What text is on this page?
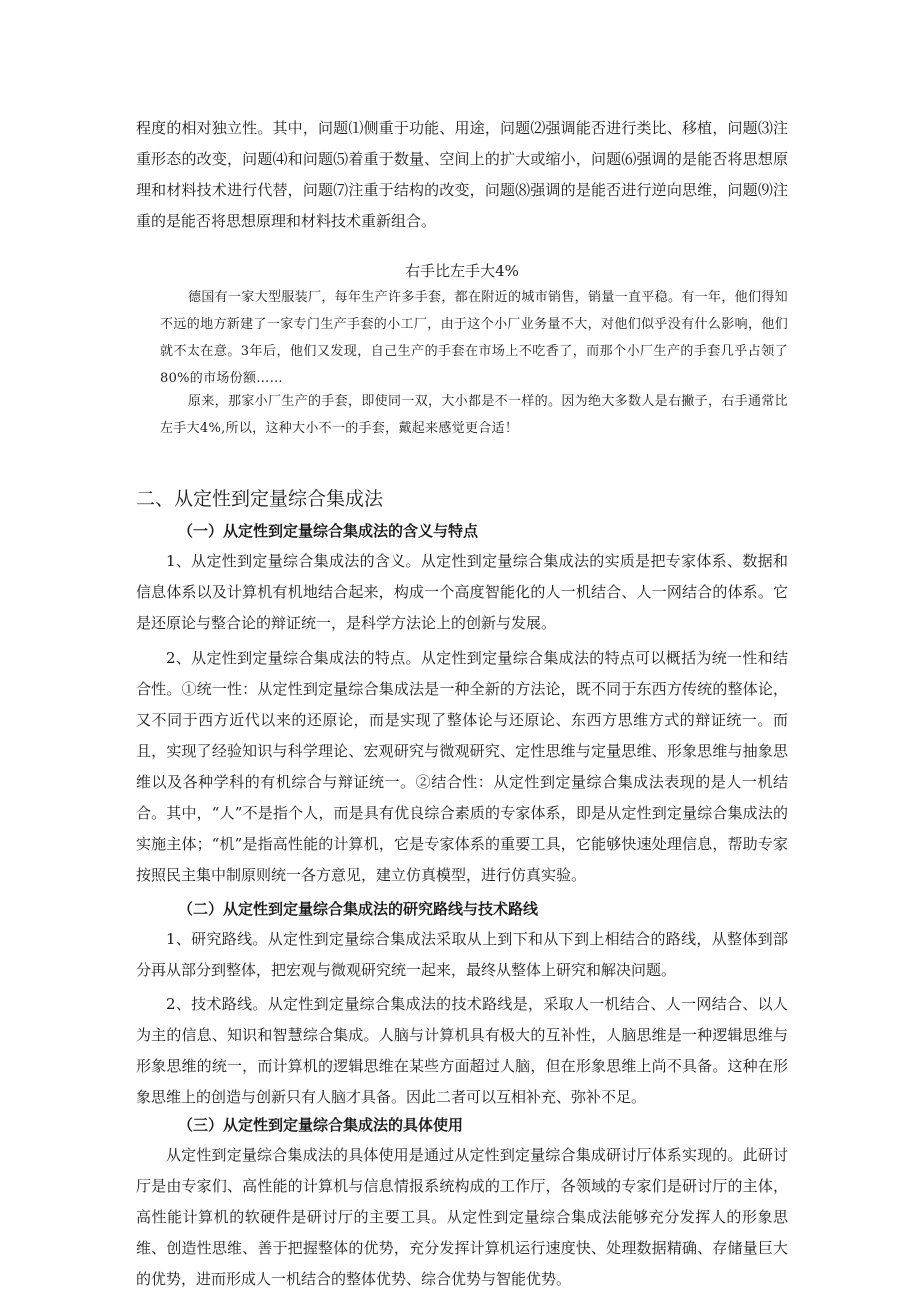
程度的相对独立性。其中，问题⑴侧重于功能、用途，问题⑵强调能否进行类比、移植，问题⑶注重形态的改变，问题⑷和问题⑸着重于数量、空间上的扩大或缩小，问题⑹强调的是能否将思想原理和材料技术进行代替，问题⑺注重于结构的改变，问题⑻强调的是能否进行逆向思维，问题⑼注重的是能否将思想原理和材料技术重新组合。

右手比左手大4%

德国有一家大型服装厂，每年生产许多手套，都在附近的城市销售，销量一直平稳。有一年，他们得知不远的地方新建了一家专门生产手套的小工厂，由于这个小厂业务量不大，对他们似乎没有什么影响，他们就不太在意。3年后，他们又发现，自己生产的手套在市场上不吃香了，而那个小厂生产的手套几乎占领了80%的市场份额……

原来，那家小厂生产的手套，即使同一双，大小都是不一样的。因为绝大多数人是右撇子，右手通常比左手大4%,所以，这种大小不一的手套，戴起来感觉更合适！

二、从定性到定量综合集成法
（一）从定性到定量综合集成法的含义与特点

1、从定性到定量综合集成法的含义。从定性到定量综合集成法的实质是把专家体系、数据和信息体系以及计算机有机地结合起来，构成一个高度智能化的人一机结合、人一网结合的体系。它是还原论与整合论的辩证统一，是科学方法论上的创新与发展。

2、从定性到定量综合集成法的特点。从定性到定量综合集成法的特点可以概括为统一性和结合性。①统一性：从定性到定量综合集成法是一种全新的方法论，既不同于东西方传统的整体论，又不同于西方近代以来的还原论，而是实现了整体论与还原论、东西方思维方式的辩证统一。而且，实现了经验知识与科学理论、宏观研究与微观研究、定性思维与定量思维、形象思维与抽象思维以及各种学科的有机综合与辩证统一。②结合性：从定性到定量综合集成法表现的是人一机结合。其中，“人”不是指个人，而是具有优良综合素质的专家体系，即是从定性到定量综合集成法的实施主体；“机”是指高性能的计算机，它是专家体系的重要工具，它能够快速处理信息，帮助专家按照民主集中制原则统一各方意见，建立仿真模型，进行仿真实验。

（二）从定性到定量综合集成法的研究路线与技术路线

1、研究路线。从定性到定量综合集成法采取从上到下和从下到上相结合的路线，从整体到部分再从部分到整体，把宏观与微观研究统一起来，最终从整体上研究和解决问题。

2、技术路线。从定性到定量综合集成法的技术路线是，采取人一机结合、人一网结合、以人为主的信息、知识和智慧综合集成。人脑与计算机具有极大的互补性，人脑思维是一种逻辑思维与形象思维的统一，而计算机的逻辑思维在某些方面超过人脑，但在形象思维上尚不具备。这种在形象思维上的创造与创新只有人脑才具备。因此二者可以互相补充、弥补不足。

（三）从定性到定量综合集成法的具体使用

从定性到定量综合集成法的具体使用是通过从定性到定量综合集成研讨厅体系实现的。此研讨厅是由专家们、高性能的计算机与信息情报系统构成的工作厅，各领域的专家们是研讨厅的主体，高性能计算机的软硬件是研讨厅的主要工具。从定性到定量综合集成法能够充分发挥人的形象思维、创造性思维、善于把握整体的优势，充分发挥计算机运行速度快、处理数据精确、存储量巨大的优势，进而形成人一机结合的整体优势、综合优势与智能优势。
